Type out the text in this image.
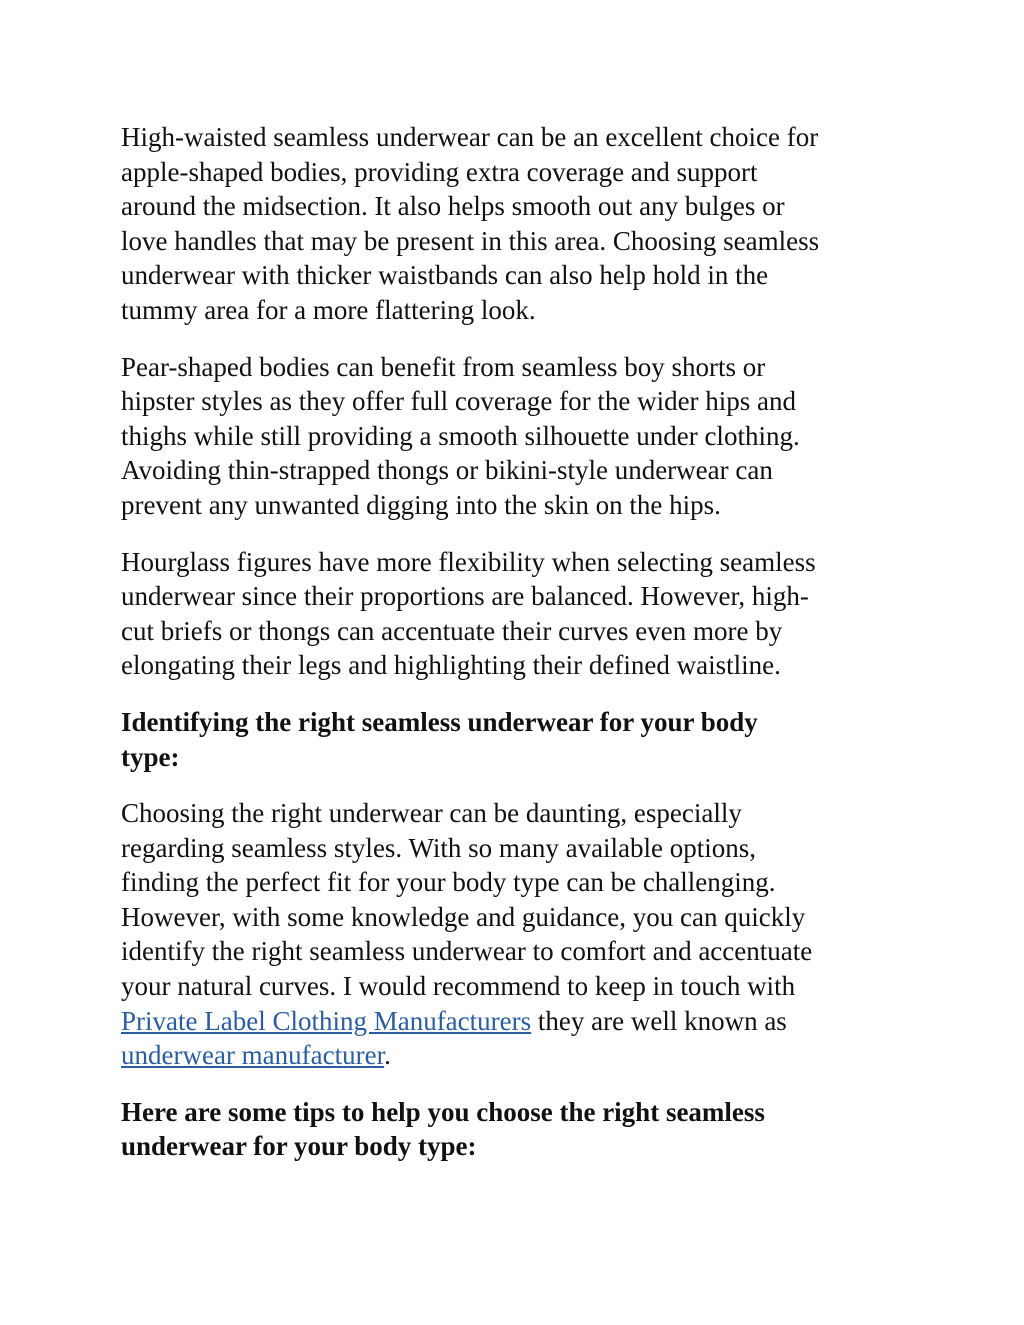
High-waisted seamless underwear can be an excellent choice for
apple-shaped bodies, providing extra coverage and support
around the midsection. It also helps smooth out any bulges or
love handles that may be present in this area. Choosing seamless
underwear with thicker waistbands can also help hold in the
tummy area for a more flattering look.

Pear-shaped bodies can benefit from seamless boy shorts or
hipster styles as they offer full coverage for the wider hips and
thighs while still providing a smooth silhouette under clothing.
Avoiding thin-strapped thongs or bikini-style underwear can
prevent any unwanted digging into the skin on the hips.

Hourglass figures have more flexibility when selecting seamless
underwear since their proportions are balanced. However, high-
cut briefs or thongs can accentuate their curves even more by
elongating their legs and highlighting their defined waistline.

Identifying the right seamless underwear for your body
type:

Choosing the right underwear can be daunting, especially
regarding seamless styles. With so many available options,
finding the perfect fit for your body type can be challenging.
However, with some knowledge and guidance, you can quickly
identify the right seamless underwear to comfort and accentuate
your natural curves. I would recommend to keep in touch with
Private Label Clothing Manufacturers they are well known as
underwear manufacturer.

Here are some tips to help you choose the right seamless
underwear for your body type:
